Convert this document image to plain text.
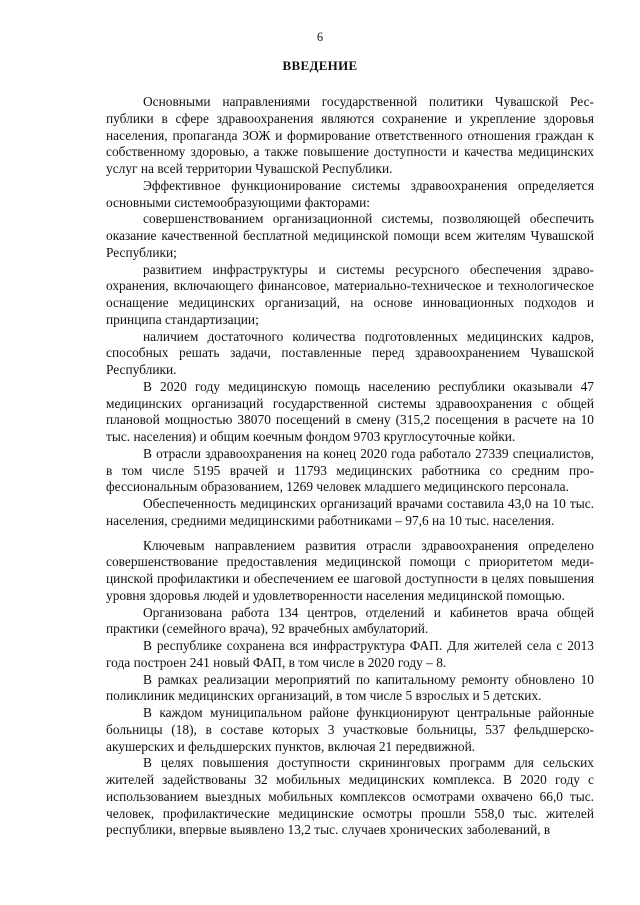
6
ВВЕДЕНИЕ

Основными направлениями государственной политики Чувашской Республики в сфере здравоохранения являются сохранение и укрепление здоровья населения, пропаганда ЗОЖ и формирование ответственного отношения граждан к собственному здоровью, а также повышение доступности и качества медицинских услуг на всей территории Чувашской Республики.

Эффективное функционирование системы здравоохранения определяется основными системообразующими факторами:

совершенствованием организационной системы, позволяющей обеспечить оказание качественной бесплатной медицинской помощи всем жителям Чувашской Республики;

развитием инфраструктуры и системы ресурсного обеспечения здравоохранения, включающего финансовое, материально-техническое и технологическое оснащение медицинских организаций, на основе инновационных подходов и принципа стандартизации;

наличием достаточного количества подготовленных медицинских кадров, способных решать задачи, поставленные перед здравоохранением Чувашской Республики.

В 2020 году медицинскую помощь населению республики оказывали 47 медицинских организаций государственной системы здравоохранения с общей плановой мощностью 38070 посещений в смену (315,2 посещения в расчете на 10 тыс. населения) и общим коечным фондом 9703 круглосуточные койки.

В отрасли здравоохранения на конец 2020 года работало 27339 специалистов, в том числе 5195 врачей и 11793 медицинских работника со средним профессиональным образованием, 1269 человек младшего медицинского персонала.

Обеспеченность медицинских организаций врачами составила 43,0 на 10 тыс. населения, средними медицинскими работниками – 97,6 на 10 тыс. населения.

Ключевым направлением развития отрасли здравоохранения определено совершенствование предоставления медицинской помощи с приоритетом медицинской профилактики и обеспечением ее шаговой доступности в целях повышения уровня здоровья людей и удовлетворенности населения медицинской помощью.

Организована работа 134 центров, отделений и кабинетов врача общей практики (семейного врача), 92 врачебных амбулаторий.

В республике сохранена вся инфраструктура ФАП. Для жителей села с 2013 года построен 241 новый ФАП, в том числе в 2020 году – 8.

В рамках реализации мероприятий по капитальному ремонту обновлено 10 поликлиник медицинских организаций, в том числе 5 взрослых и 5 детских.

В каждом муниципальном районе функционируют центральные районные больницы (18), в составе которых 3 участковые больницы, 537 фельдшерско-акушерских и фельдшерских пунктов, включая 21 передвижной.

В целях повышения доступности скрининговых программ для сельских жителей задействованы 32 мобильных медицинских комплекса. В 2020 году с использованием выездных мобильных комплексов осмотрами охвачено 66,0 тыс. человек, профилактические медицинские осмотры прошли 558,0 тыс. жителей республики, впервые выявлено 13,2 тыс. случаев хронических заболеваний, в
